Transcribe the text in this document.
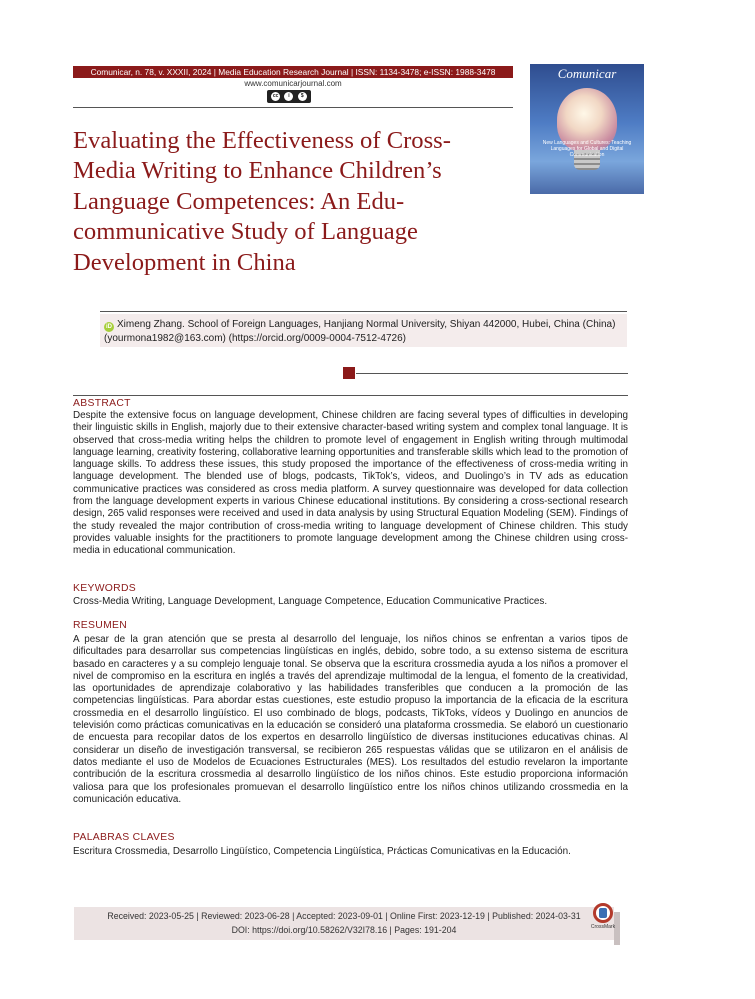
Comunicar, n. 78, v. XXXII, 2024 | Media Education Research Journal | ISSN: 1134-3478; e-ISSN: 1988-3478
www.comunicarjournal.com
cc	i	$
Comunicar
New Languages and Cultures: Teaching Languages for Global and Digital Communication
Evaluating the Effectiveness of Cross-Media Writing to Enhance Children’s Language Competences: An Edu-communicative Study of Language Development in China
iD Ximeng Zhang. School of Foreign Languages, Hanjiang Normal University, Shiyan 442000, Hubei, China (China) (yourmona1982@163.com) (https://orcid.org/0009-0004-7512-4726)
ABSTRACT

Despite the extensive focus on language development, Chinese children are facing several types of difficulties in developing their linguistic skills in English, majorly due to their extensive character-based writing system and complex tonal language. It is observed that cross-media writing helps the children to promote level of engagement in English writing through multimodal language learning, creativity fostering, collaborative learning opportunities and transferable skills which lead to the promotion of language skills. To address these issues, this study proposed the importance of the effectiveness of cross-media writing in language development. The blended use of blogs, podcasts, TikTok’s, videos, and Duolingo’s in TV ads as education communicative practices was considered as cross media platform. A survey questionnaire was developed for data collection from the language development experts in various Chinese educational institutions. By considering a cross-sectional research design, 265 valid responses were received and used in data analysis by using Structural Equation Modeling (SEM). Findings of the study revealed the major contribution of cross-media writing to language development of Chinese children. This study provides valuable insights for the practitioners to promote language development among the Chinese children using cross-media in educational communication.

KEYWORDS

Cross-Media Writing, Language Development, Language Competence, Education Communicative Practices.

RESUMEN

A pesar de la gran atención que se presta al desarrollo del lenguaje, los niños chinos se enfrentan a varios tipos de dificultades para desarrollar sus competencias lingüísticas en inglés, debido, sobre todo, a su extenso sistema de escritura basado en caracteres y a su complejo lenguaje tonal. Se observa que la escritura crossmedia ayuda a los niños a promover el nivel de compromiso en la escritura en inglés a través del aprendizaje multimodal de la lengua, el fomento de la creatividad, las oportunidades de aprendizaje colaborativo y las habilidades transferibles que conducen a la promoción de las competencias lingüísticas. Para abordar estas cuestiones, este estudio propuso la importancia de la eficacia de la escritura crossmedia en el desarrollo lingüístico. El uso combinado de blogs, podcasts, TikToks, vídeos y Duolingo en anuncios de televisión como prácticas comunicativas en la educación se consideró una plataforma crossmedia. Se elaboró un cuestionario de encuesta para recopilar datos de los expertos en desarrollo lingüístico de diversas instituciones educativas chinas. Al considerar un diseño de investigación transversal, se recibieron 265 respuestas válidas que se utilizaron en el análisis de datos mediante el uso de Modelos de Ecuaciones Estructurales (MES). Los resultados del estudio revelaron la importante contribución de la escritura crossmedia al desarrollo lingüístico de los niños chinos. Este estudio proporciona información valiosa para que los profesionales promuevan el desarrollo lingüístico entre los niños chinos utilizando crossmedia en la comunicación educativa.

PALABRAS CLAVES

Escritura Crossmedia, Desarrollo Lingüístico, Competencia Lingüística, Prácticas Comunicativas en la Educación.

Received: 2023-05-25 | Reviewed: 2023-06-28 | Accepted: 2023-09-01 | Online First: 2023-12-19 | Published: 2024-03-31
DOI: https://doi.org/10.58262/V32I78.16 | Pages: 191-204	CrossMark
